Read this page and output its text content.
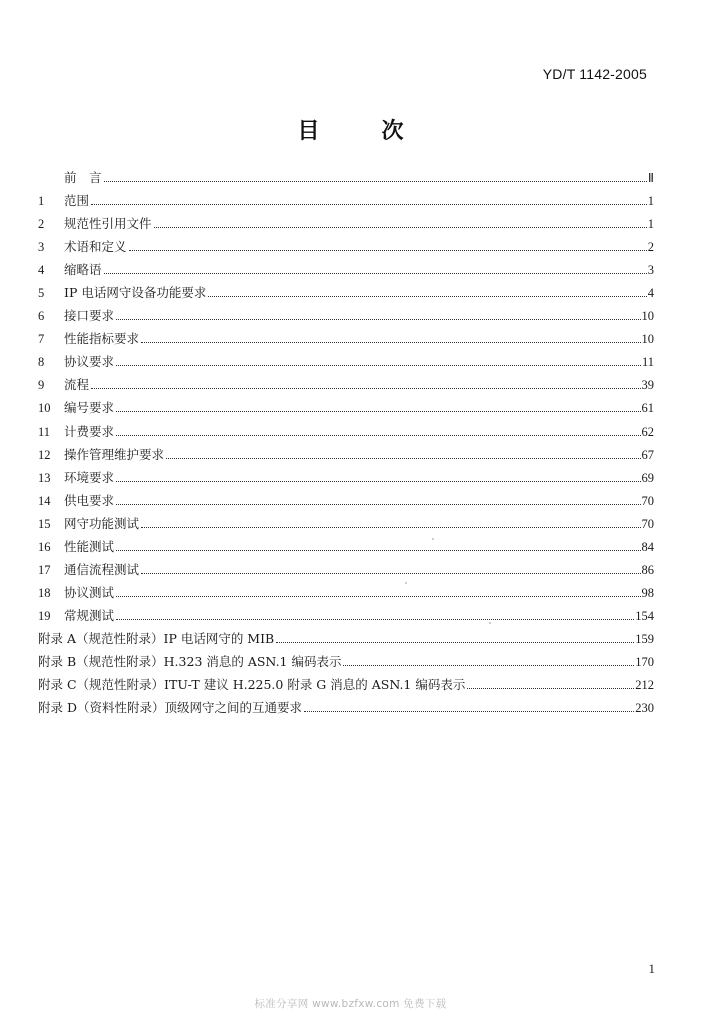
YD/T 1142-2005
目	次
前　言	Ⅱ
1	范围	1
2	规范性引用文件	1
3	术语和定义	2
4	缩略语	3
5	IP 电话网守设备功能要求	4
6	接口要求	10
7	性能指标要求	10
8	协议要求	11
9	流程	39
10	编号要求	61
11	计费要求	62
12	操作管理维护要求	67
13	环境要求	69
14	供电要求	70
15	网守功能测试	70
16	性能测试	84
17	通信流程测试	86
18	协议测试	98
19	常规测试	154
附录 A（规范性附录）IP 电话网守的 MIB	159
附录 B（规范性附录）H.323 消息的 ASN.1 编码表示	170
附录 C（规范性附录）ITU-T 建议 H.225.0 附录 G 消息的 ASN.1 编码表示	212
附录 D（资料性附录）顶级网守之间的互通要求	230
1
标准分享网 www.bzfxw.com 免费下载
